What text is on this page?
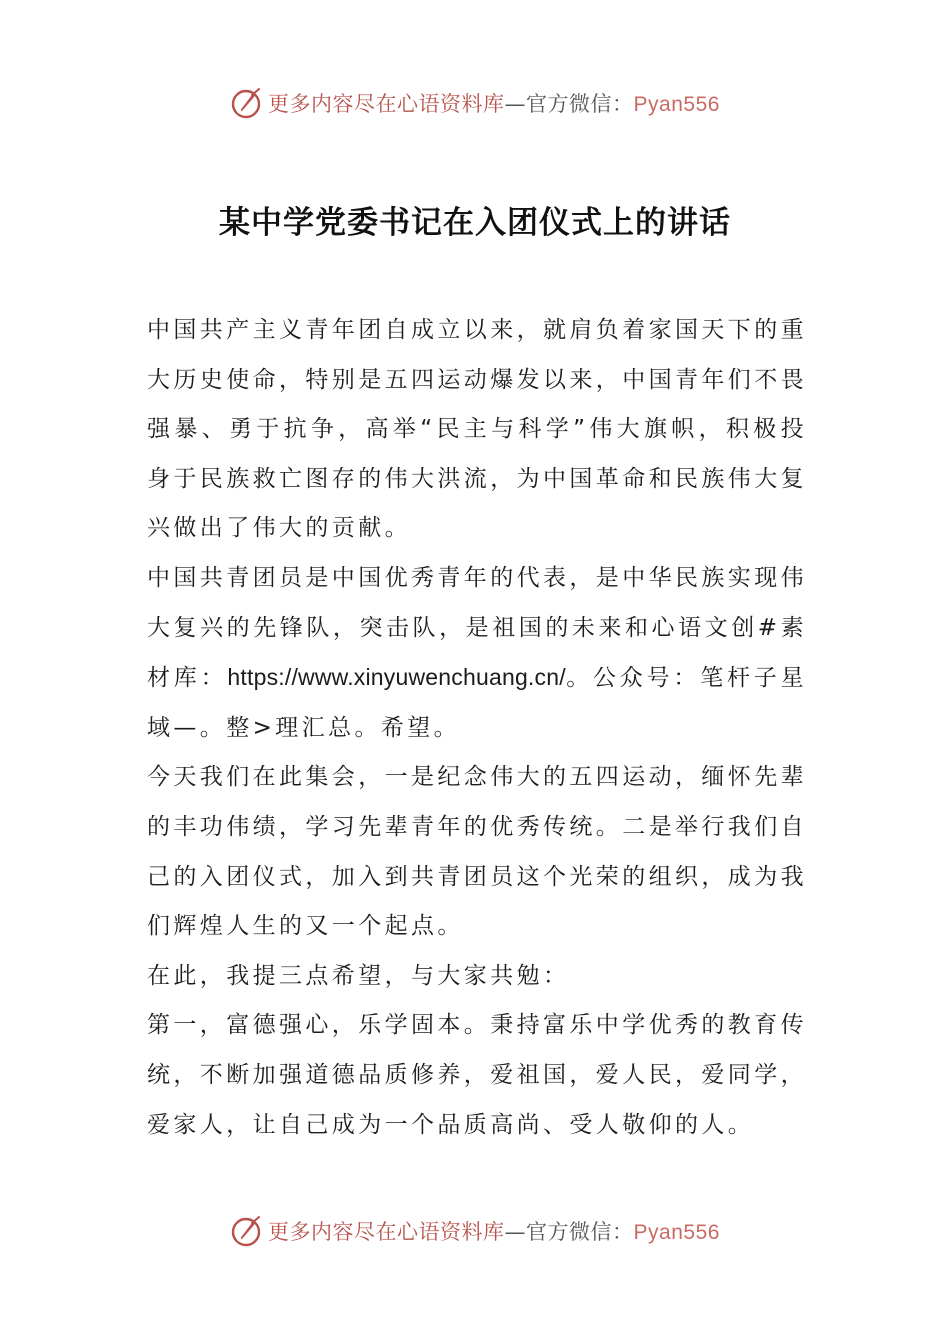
更多内容尽在心语资料库—官方微信：Pyan556
某中学党委书记在入团仪式上的讲话

中国共产主义青年团自成立以来，就肩负着家国天下的重大历史使命，特别是五四运动爆发以来，中国青年们不畏强暴、勇于抗争，高举“民主与科学”伟大旗帜，积极投身于民族救亡图存的伟大洪流，为中国革命和民族伟大复兴做出了伟大的贡献。

中国共青团员是中国优秀青年的代表，是中华民族实现伟大复兴的先锋队，突击队，是祖国的未来和心语文创#素材库：https://www.xinyuwenchuang.cn/。公众号：笔杆子星域—。整>理汇总。希望。

今天我们在此集会，一是纪念伟大的五四运动，缅怀先辈的丰功伟绩，学习先辈青年的优秀传统。二是举行我们自己的入团仪式，加入到共青团员这个光荣的组织，成为我们辉煌人生的又一个起点。

在此，我提三点希望，与大家共勉：

第一，富德强心，乐学固本。秉持富乐中学优秀的教育传统，不断加强道德品质修养，爱祖国，爱人民，爱同学，爱家人，让自己成为一个品质高尚、受人敬仰的人。

更多内容尽在心语资料库—官方微信：Pyan556
